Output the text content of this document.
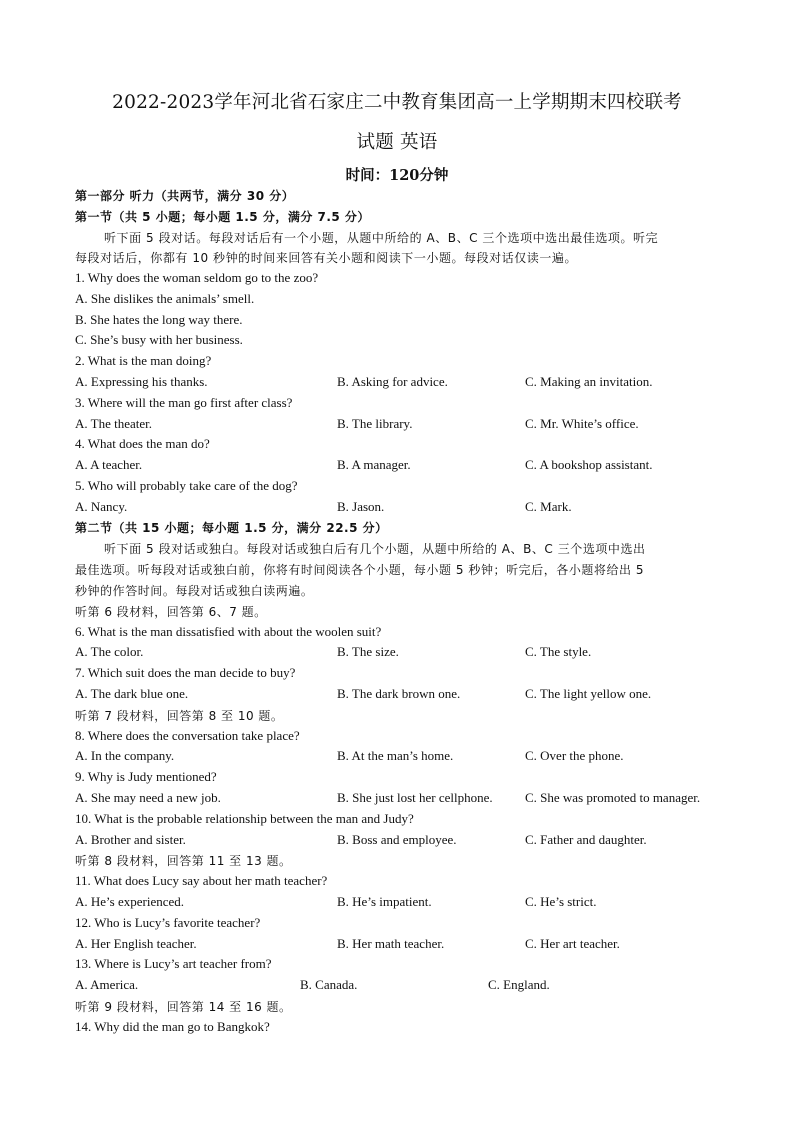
2022-2023学年河北省石家庄二中教育集团高一上学期期末四校联考
试题 英语
时间：120分钟
第一部分 听力（共两节，满分 30 分）
第一节（共 5 小题；每小题 1.5 分，满分 7.5 分）
听下面 5 段对话。每段对话后有一个小题，从题中所给的 A、B、C 三个选项中选出最佳选项。听完
每段对话后，你都有 10 秒钟的时间来回答有关小题和阅读下一小题。每段对话仅读一遍。
1. Why does the woman seldom go to the zoo?
A. She dislikes the animals’ smell.
B. She hates the long way there.
C. She’s busy with her business.
2. What is the man doing?
A. Expressing his thanks.	B. Asking for advice.	C. Making an invitation.
3. Where will the man go first after class?
A. The theater.	B. The library.	C. Mr. White’s office.
4. What does the man do?
A. A teacher.	B. A manager.	C. A bookshop assistant.
5. Who will probably take care of the dog?
A. Nancy.	B. Jason.	C. Mark.
第二节（共 15 小题；每小题 1.5 分，满分 22.5 分）
听下面 5 段对话或独白。每段对话或独白后有几个小题，从题中所给的 A、B、C 三个选项中选出
最佳选项。听每段对话或独白前，你将有时间阅读各个小题，每小题 5 秒钟；听完后，各小题将给出 5
秒钟的作答时间。每段对话或独白读两遍。
听第 6 段材料，回答第 6、7 题。
6. What is the man dissatisfied with about the woolen suit?
A. The color.	B. The size.	C. The style.
7. Which suit does the man decide to buy?
A. The dark blue one.	B. The dark brown one.	C. The light yellow one.
听第 7 段材料，回答第 8 至 10 题。
8. Where does the conversation take place?
A. In the company.	B. At the man’s home.	C. Over the phone.
9. Why is Judy mentioned?
A. She may need a new job.	B. She just lost her cellphone. C. She was promoted to manager.
10. What is the probable relationship between the man and Judy?
A. Brother and sister.	B. Boss and employee.	C. Father and daughter.
听第 8 段材料，回答第 11 至 13 题。
11. What does Lucy say about her math teacher?
A. He’s experienced.	B. He’s impatient.	C. He’s strict.
12. Who is Lucy’s favorite teacher?
A. Her English teacher.	B. Her math teacher.	C. Her art teacher.
13. Where is Lucy’s art teacher from?
A. America.	B. Canada.	C. England.
听第 9 段材料，回答第 14 至 16 题。
14. Why did the man go to Bangkok?
